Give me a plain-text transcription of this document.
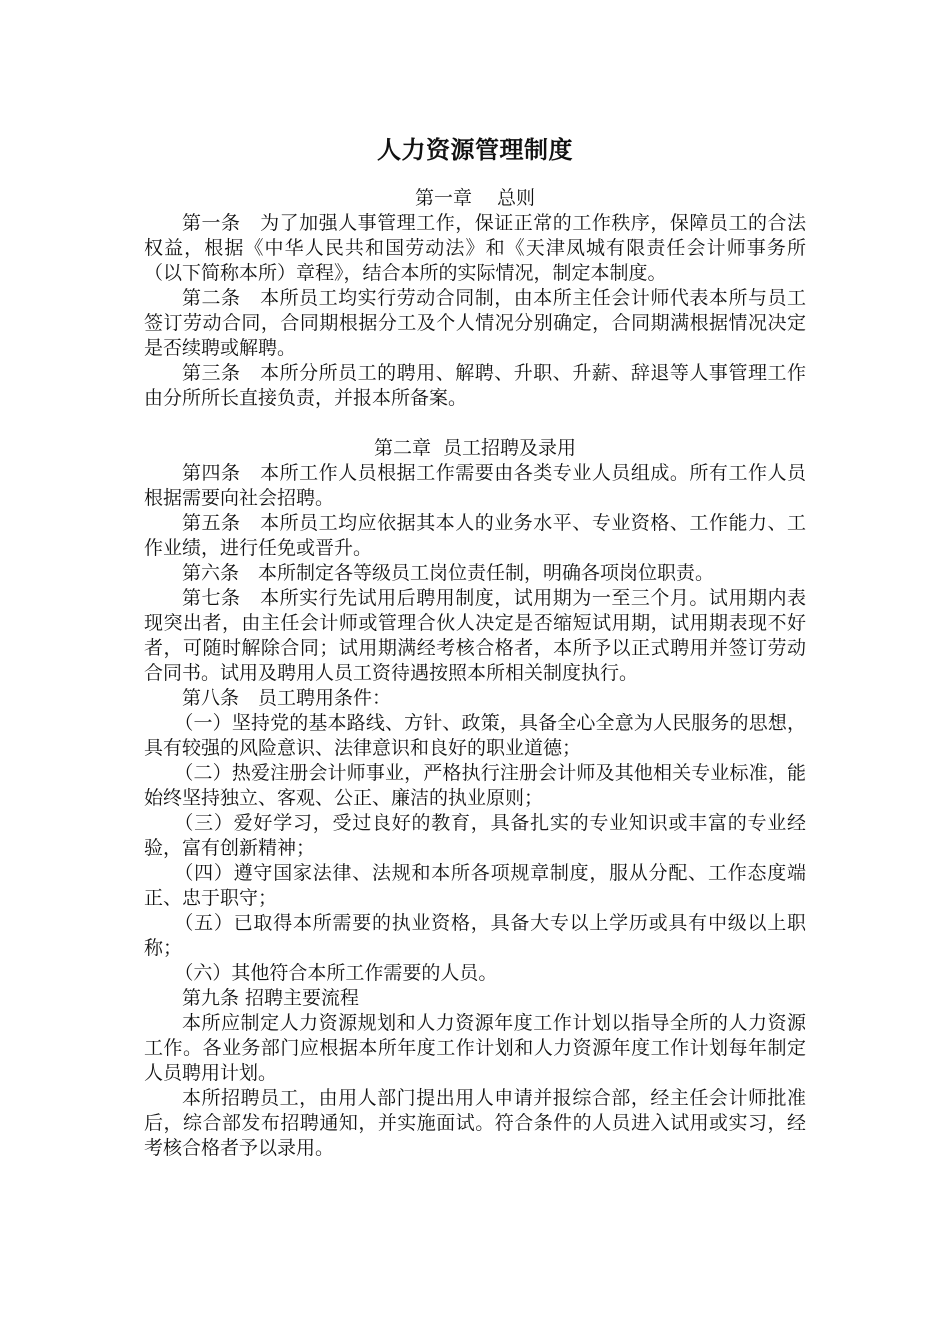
人力资源管理制度

第一章　 总则

第一条　为了加强人事管理工作，保证正常的工作秩序，保障员工的合法权益，根据《中华人民共和国劳动法》和《天津凤城有限责任会计师事务所（以下简称本所）章程》，结合本所的实际情况，制定本制度。

第二条　本所员工均实行劳动合同制，由本所主任会计师代表本所与员工签订劳动合同，合同期根据分工及个人情况分别确定，合同期满根据情况决定是否续聘或解聘。

第三条　本所分所员工的聘用、解聘、升职、升薪、辞退等人事管理工作由分所所长直接负责，并报本所备案。

第二章  员工招聘及录用

第四条　本所工作人员根据工作需要由各类专业人员组成。所有工作人员根据需要向社会招聘。

第五条　本所员工均应依据其本人的业务水平、专业资格、工作能力、工作业绩，进行任免或晋升。

第六条　本所制定各等级员工岗位责任制，明确各项岗位职责。

第七条　本所实行先试用后聘用制度，试用期为一至三个月。试用期内表现突出者，由主任会计师或管理合伙人决定是否缩短试用期，试用期表现不好者，可随时解除合同；试用期满经考核合格者，本所予以正式聘用并签订劳动合同书。试用及聘用人员工资待遇按照本所相关制度执行。

第八条　员工聘用条件：

（一）坚持党的基本路线、方针、政策，具备全心全意为人民服务的思想，具有较强的风险意识、法律意识和良好的职业道德；

（二）热爱注册会计师事业，严格执行注册会计师及其他相关专业标准，能始终坚持独立、客观、公正、廉洁的执业原则；

（三）爱好学习，受过良好的教育，具备扎实的专业知识或丰富的专业经验，富有创新精神；

（四）遵守国家法律、法规和本所各项规章制度，服从分配、工作态度端正、忠于职守；

（五）已取得本所需要的执业资格，具备大专以上学历或具有中级以上职称；

（六）其他符合本所工作需要的人员。

第九条 招聘主要流程

本所应制定人力资源规划和人力资源年度工作计划以指导全所的人力资源工作。各业务部门应根据本所年度工作计划和人力资源年度工作计划每年制定人员聘用计划。

本所招聘员工，由用人部门提出用人申请并报综合部，经主任会计师批准后，综合部发布招聘通知，并实施面试。符合条件的人员进入试用或实习，经考核合格者予以录用。
